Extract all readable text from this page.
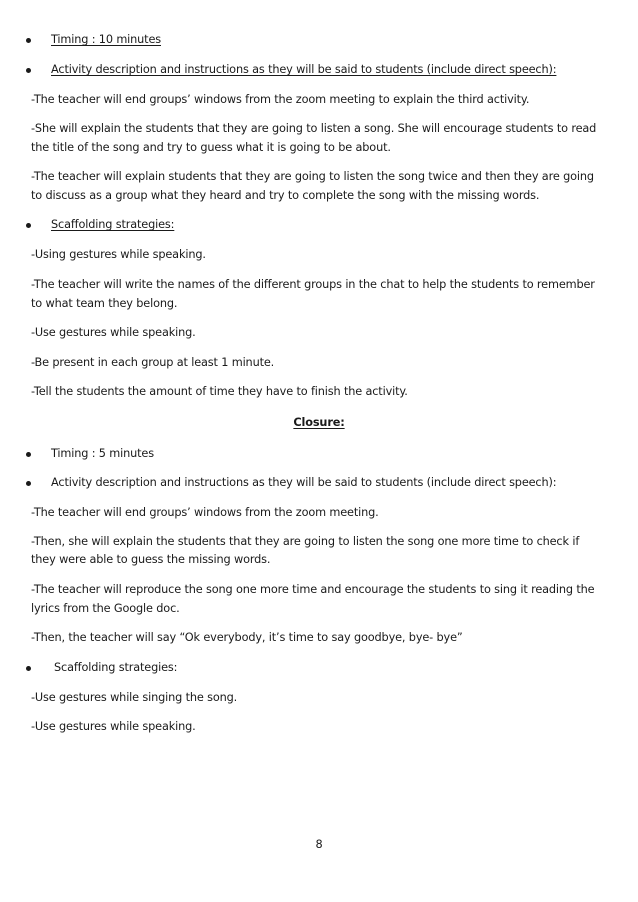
Timing : 10 minutes
Activity description and instructions as they will be said to students (include direct speech):
-The teacher will end groups’ windows from the zoom meeting to explain the third activity.
-She will explain the students that they are going to listen a song. She will encourage students to read
the title of the song and try to guess what it is going to be about.
-The teacher will explain students that they are going to listen the song twice and then they are going
to discuss as a group what they heard and try to complete the song with the missing words.
Scaffolding strategies:
-Using gestures while speaking.
-The teacher will write the names of the different groups in the chat to help the students to remember
to what team they belong.
-Use gestures while speaking.
-Be present in each group at least 1 minute.
-Tell the students the amount of time they have to finish the activity.
Closure:
Timing : 5 minutes
Activity description and instructions as they will be said to students (include direct speech):
-The teacher will end groups’ windows from the zoom meeting.
-Then, she will explain the students that they are going to listen the song one more time to check if
they were able to guess the missing words.
-The teacher will reproduce the song one more time and encourage the students to sing it reading the
lyrics from the Google doc.
-Then, the teacher will say “Ok everybody, it’s time to say goodbye, bye- bye”
Scaffolding strategies:
-Use gestures while singing the song.
-Use gestures while speaking.
8
